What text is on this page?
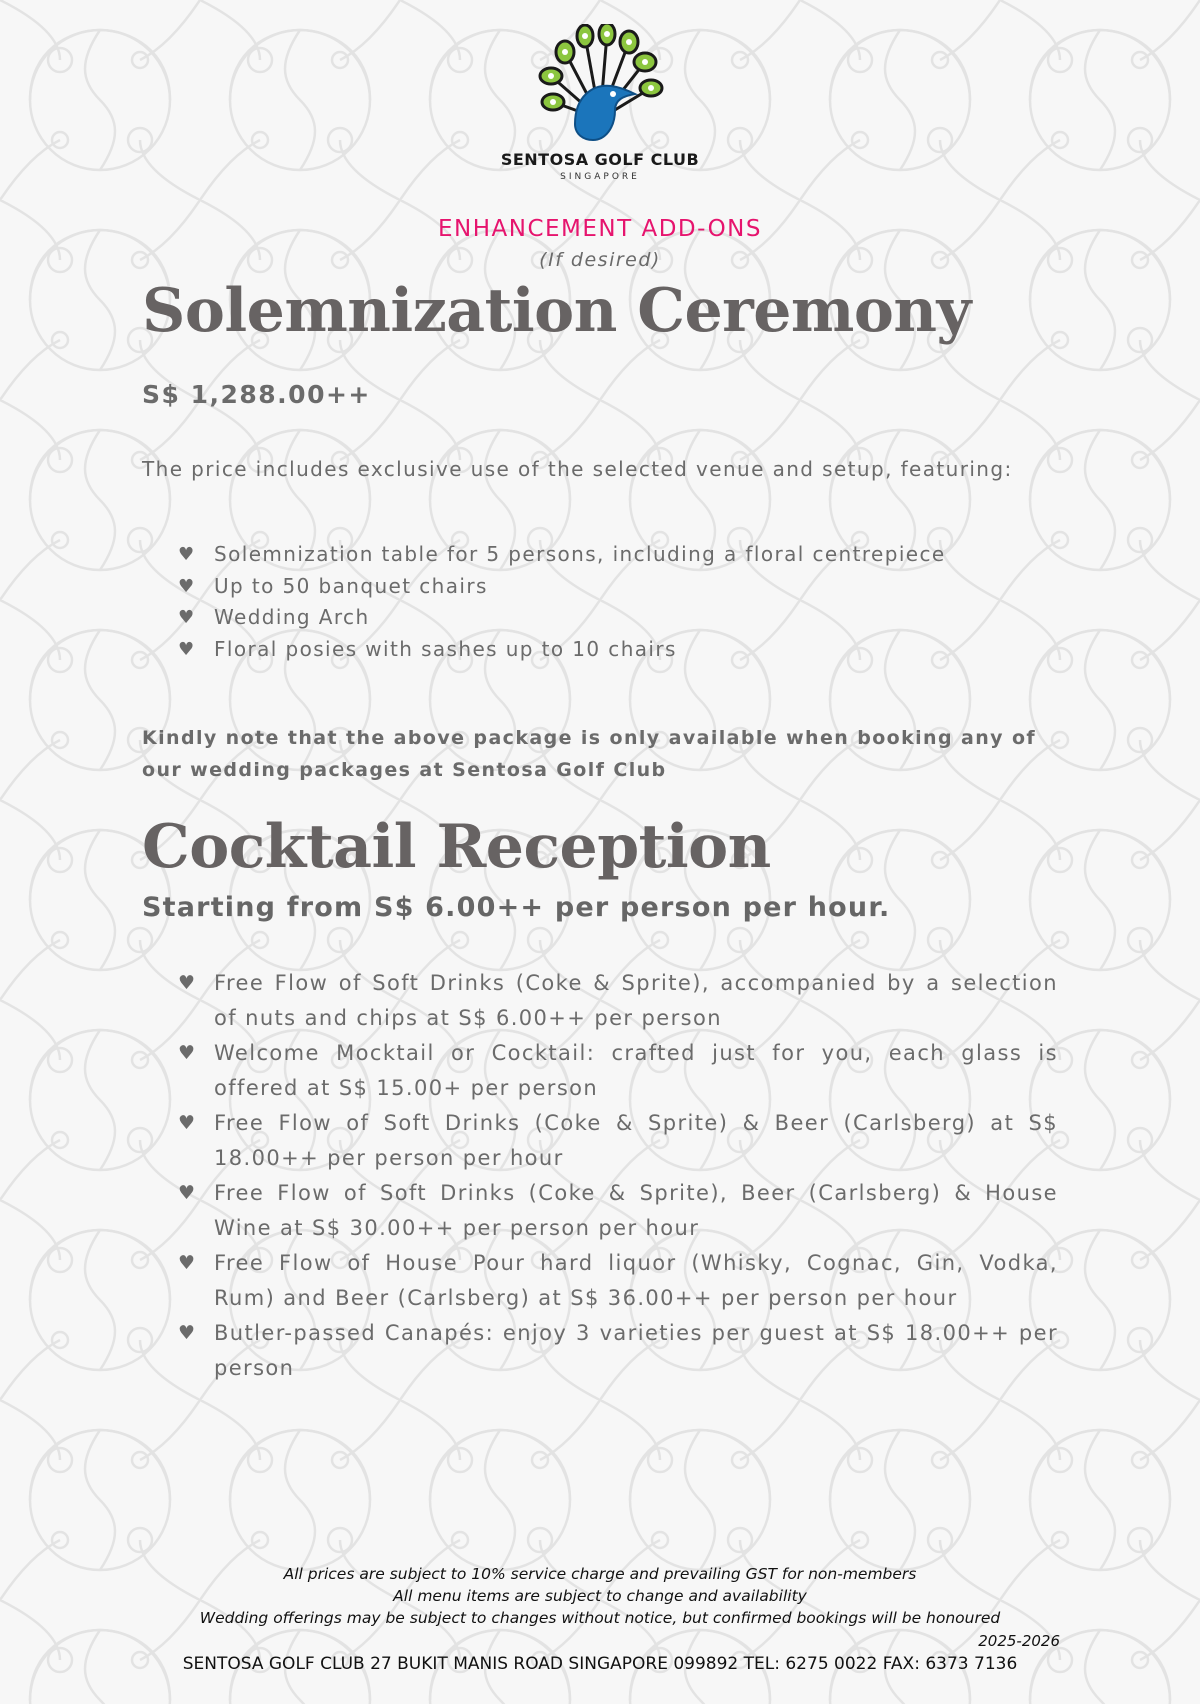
SENTOSA GOLF CLUB
SINGAPORE
ENHANCEMENT ADD-ONS
(If desired)
Solemnization Ceremony
S$ 1,288.00++
The price includes exclusive use of the selected venue and setup, featuring:
♥ Solemnization table for 5 persons, including a floral centrepiece
♥ Up to 50 banquet chairs
♥ Wedding Arch
♥ Floral posies with sashes up to 10 chairs
Kindly note that the above package is only available when booking any of our wedding packages at Sentosa Golf Club
Cocktail Reception
Starting from S$ 6.00++ per person per hour.
♥ Free Flow of Soft Drinks (Coke & Sprite), accompanied by a selection of nuts and chips at S$ 6.00++ per person
♥ Welcome Mocktail or Cocktail: crafted just for you, each glass is offered at S$ 15.00+ per person
♥ Free Flow of Soft Drinks (Coke & Sprite) & Beer (Carlsberg) at S$ 18.00++ per person per hour
♥ Free Flow of Soft Drinks (Coke & Sprite), Beer (Carlsberg) & House Wine at S$ 30.00++ per person per hour
♥ Free Flow of House Pour hard liquor (Whisky, Cognac, Gin, Vodka, Rum) and Beer (Carlsberg) at S$ 36.00++ per person per hour
♥ Butler-passed Canapés: enjoy 3 varieties per guest at S$ 18.00++ per person
All prices are subject to 10% service charge and prevailing GST for non-members
All menu items are subject to change and availability
Wedding offerings may be subject to changes without notice, but confirmed bookings will be honoured
2025-2026
SENTOSA GOLF CLUB 27 BUKIT MANIS ROAD SINGAPORE 099892 TEL: 6275 0022 FAX: 6373 7136
